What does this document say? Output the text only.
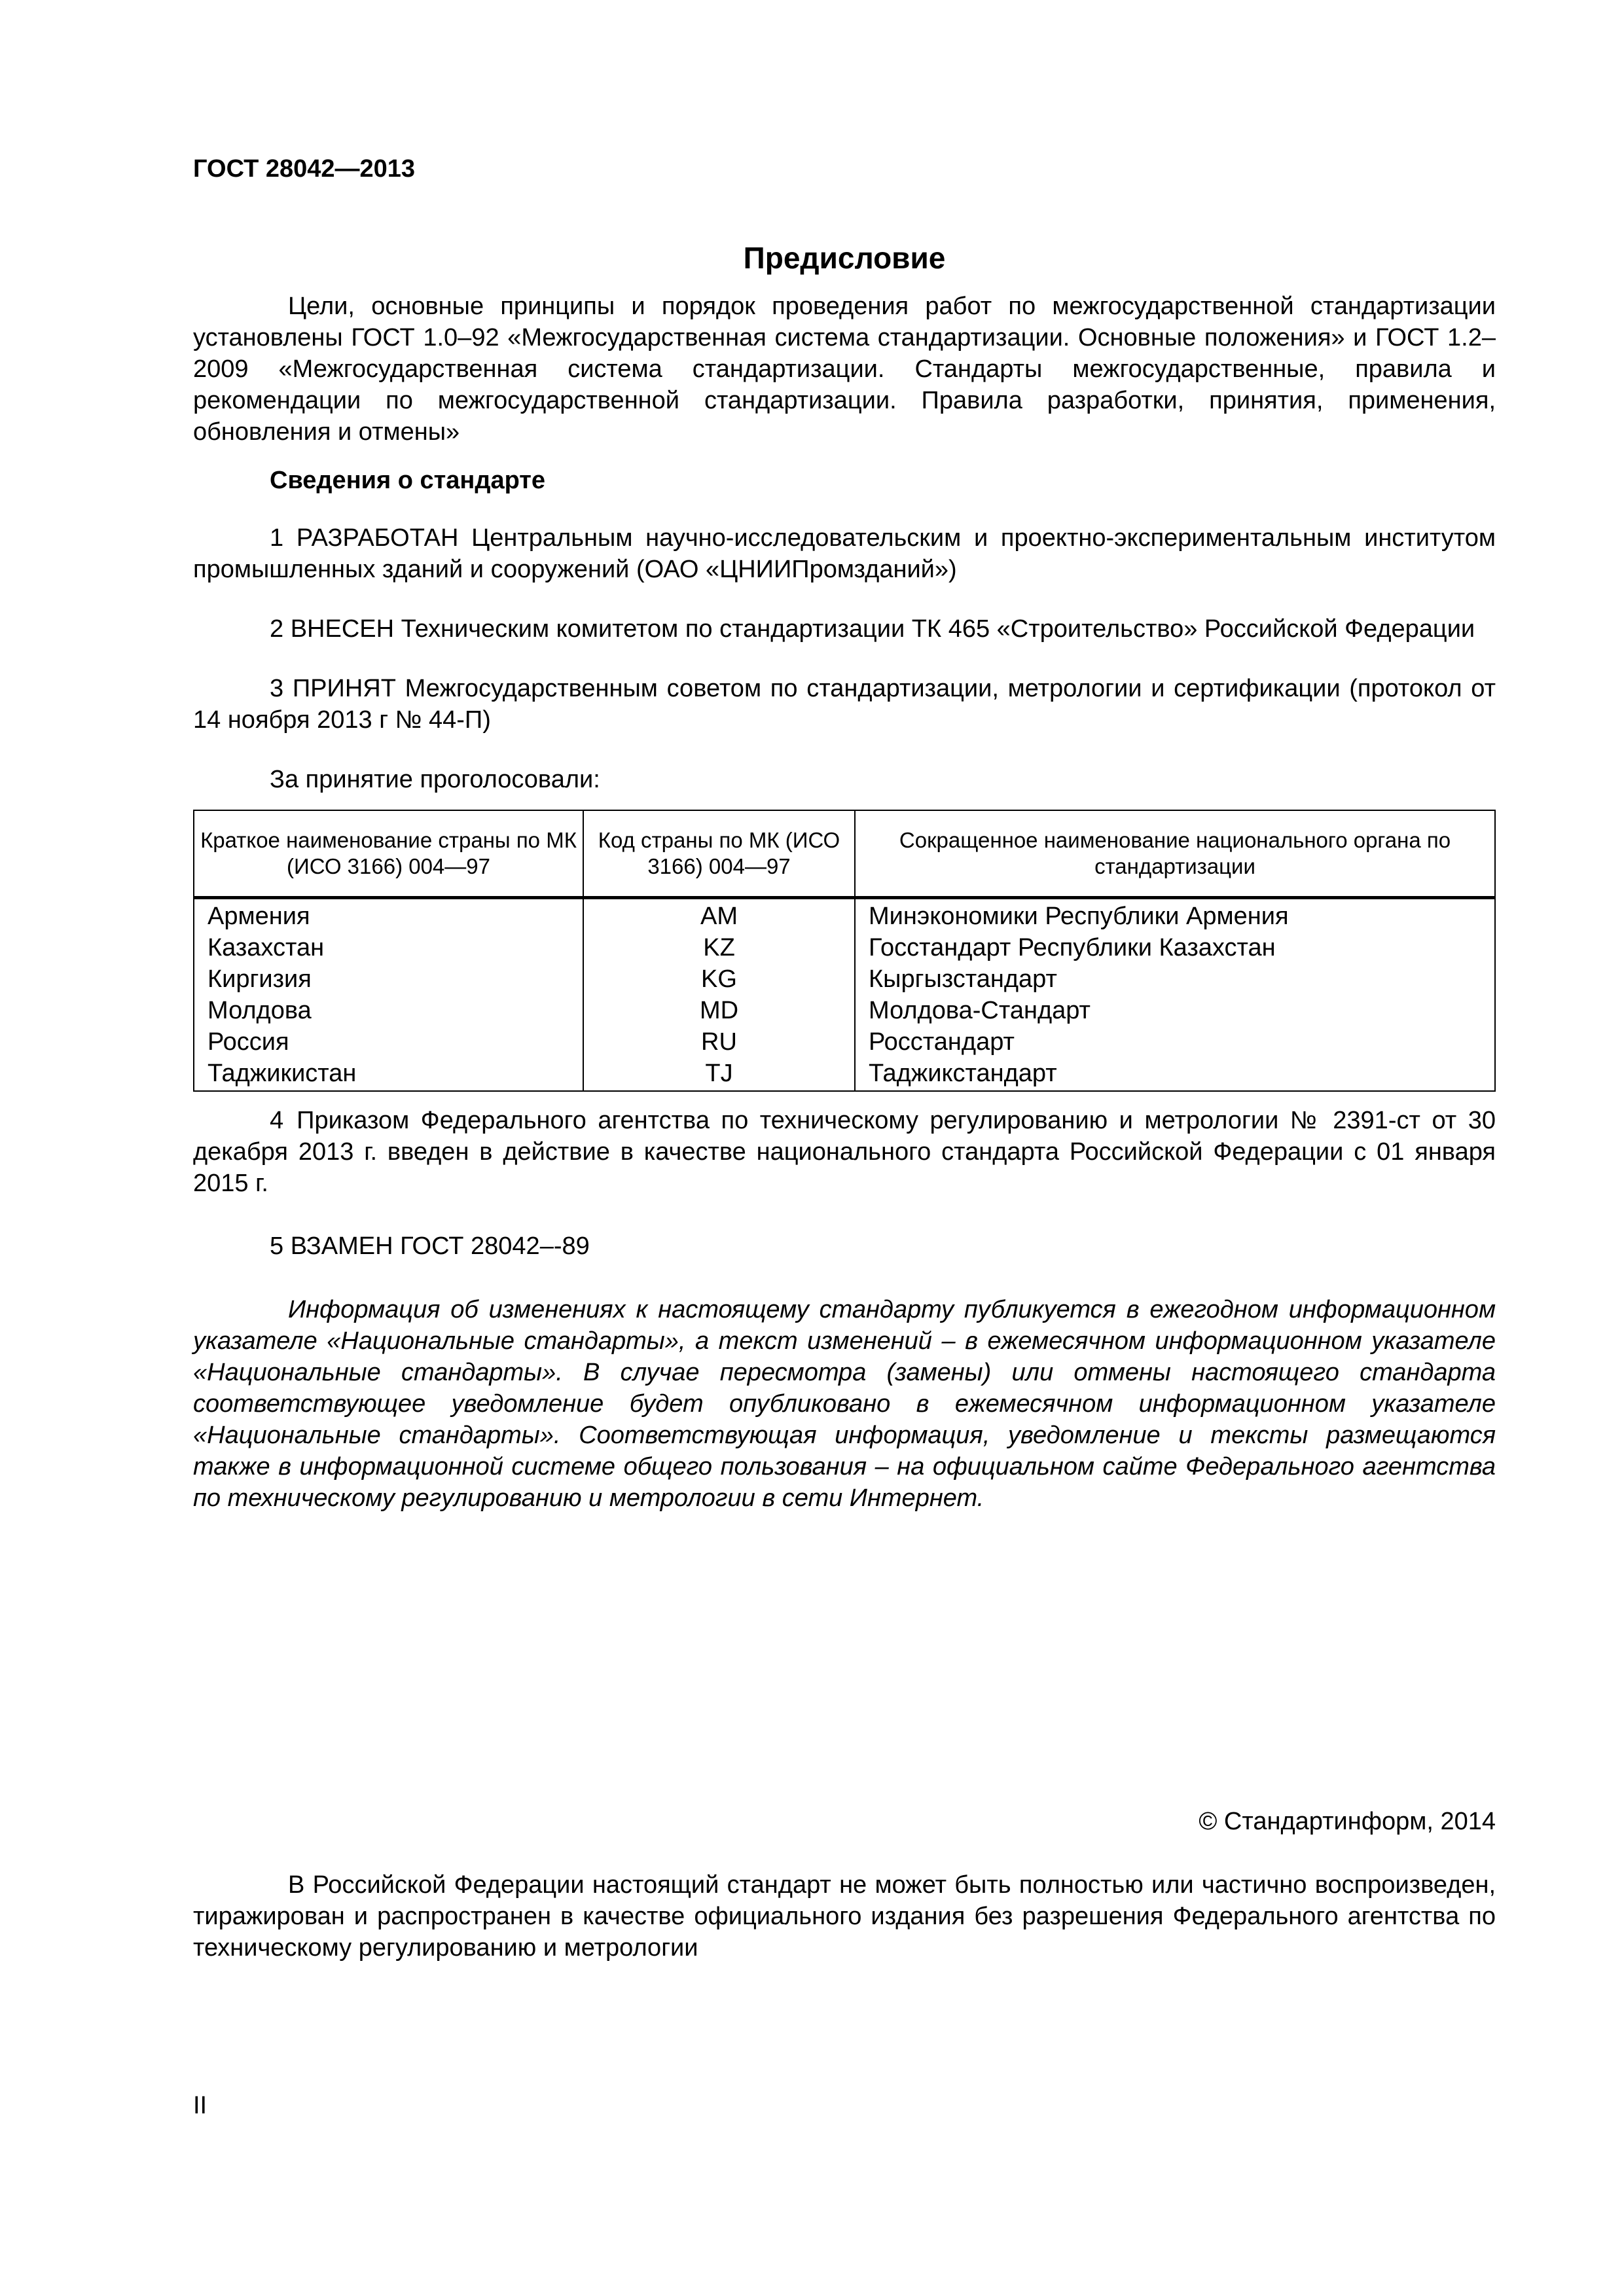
ГОСТ 28042—2013
Предисловие

Цели, основные принципы и порядок проведения работ по межгосударственной стандартизации установлены ГОСТ 1.0–92 «Межгосударственная система стандартизации. Основные положения» и ГОСТ 1.2–2009 «Межгосударственная система стандартизации. Стандарты межгосударственные, правила и рекомендации по межгосударственной стандартизации. Правила разработки, принятия, применения, обновления и отмены»

Сведения о стандарте

1 РАЗРАБОТАН Центральным научно-исследовательским и проектно-экспериментальным институтом промышленных зданий и сооружений (ОАО «ЦНИИПромзданий»)

2 ВНЕСЕН Техническим комитетом по стандартизации ТК 465 «Строительство» Российской Федерации

3 ПРИНЯТ Межгосударственным советом по стандартизации, метрологии и сертификации (протокол от 14 ноября 2013 г № 44-П)

За принятие проголосовали:

Краткое наименование страны по МК (ИСО 3166) 004—97	Код страны по МК (ИСО 3166) 004—97	Сокращенное наименование национального органа по стандартизации
Армения	AM	Минэкономики Республики Армения
Казахстан	KZ	Госстандарт Республики Казахстан
Киргизия	KG	Кыргызстандарт
Молдова	MD	Молдова-Стандарт
Россия	RU	Росстандарт
Таджикистан	TJ	Таджикстандарт

4 Приказом Федерального агентства по техническому регулированию и метрологии № 2391-ст от 30 декабря 2013 г. введен в действие в качестве национального стандарта Российской Федерации с 01 января 2015 г.

5 ВЗАМЕН ГОСТ 28042–-89

Информация об изменениях к настоящему стандарту публикуется в ежегодном информационном указателе «Национальные стандарты», а текст изменений – в ежемесячном информационном указателе «Национальные стандарты». В случае пересмотра (замены) или отмены настоящего стандарта соответствующее уведомление будет опубликовано в ежемесячном информационном указателе «Национальные стандарты». Соответствующая информация, уведомление и тексты размещаются также в информационной системе общего пользования – на официальном сайте Федерального агентства по техническому регулированию и метрологии в сети Интернет.

© Стандартинформ, 2014

В Российской Федерации настоящий стандарт не может быть полностью или частично воспроизведен, тиражирован и распространен в качестве официального издания без разрешения Федерального агентства по техническому регулированию и метрологии

II
